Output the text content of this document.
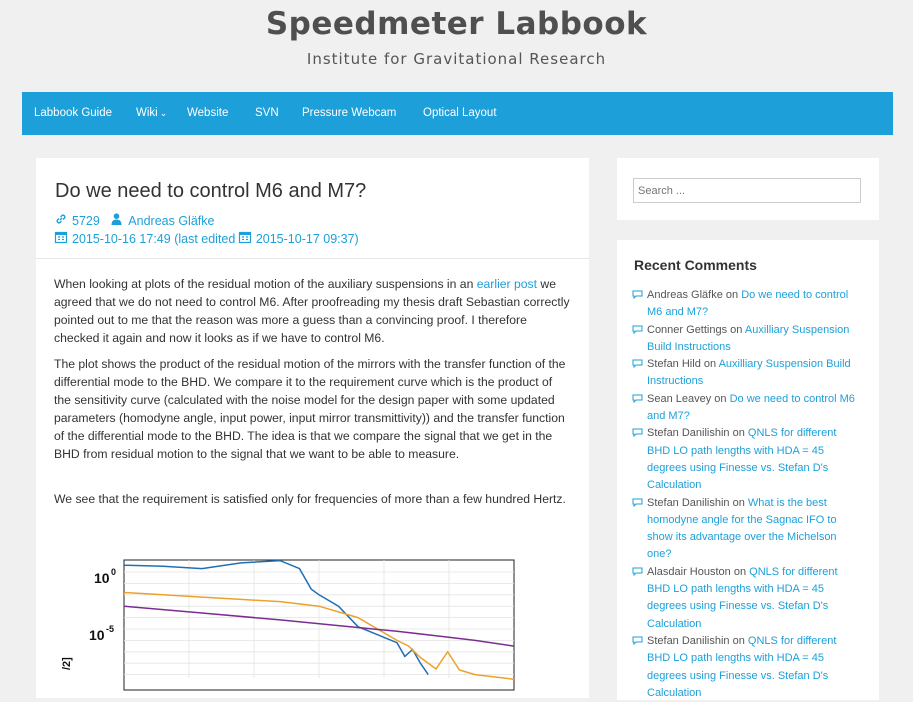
Speedmeter Labbook
Institute for Gravitational Research
Labbook Guide Wiki ⌄ Website SVN Pressure Webcam Optical Layout
Do we need to control M6 and M7?
5729 Andreas Gläfke
2015-10-16 17:49 (last edited 2015-10-17 09:37)

When looking at plots of the residual motion of the auxiliary suspensions in an earlier post we agreed that we do not need to control M6. After proofreading my thesis draft Sebastian correctly pointed out to me that the reason was more a guess than a convincing proof. I therefore checked it again and now it looks as if we have to control M6.

The plot shows the product of the residual motion of the mirrors with the transfer function of the differential mode to the BHD. We compare it to the requirement curve which is the product of the sensitivity curve (calculated with the noise model for the design paper with some updated parameters (homodyne angle, input power, input mirror transmittivity)) and the transfer function of the differential mode to the BHD. The idea is that we compare the signal that we get in the BHD from residual motion to the signal that we want to be able to measure.

We see that the requirement is satisfied only for frequencies of more than a few hundred Hertz.

10 0
10 -5
/2]
Search ...
Recent Comments
Andreas Gläfke on Do we need to control M6 and M7?
Conner Gettings on Auxilliary Suspension Build Instructions
Stefan Hild on Auxilliary Suspension Build Instructions
Sean Leavey on Do we need to control M6 and M7?
Stefan Danilishin on QNLS for different BHD LO path lengths with HDA = 45 degrees using Finesse vs. Stefan D's Calculation
Stefan Danilishin on What is the best homodyne angle for the Sagnac IFO to show its advantage over the Michelson one?
Alasdair Houston on QNLS for different BHD LO path lengths with HDA = 45 degrees using Finesse vs. Stefan D's Calculation
Stefan Danilishin on QNLS for different BHD LO path lengths with HDA = 45 degrees using Finesse vs. Stefan D's Calculation
